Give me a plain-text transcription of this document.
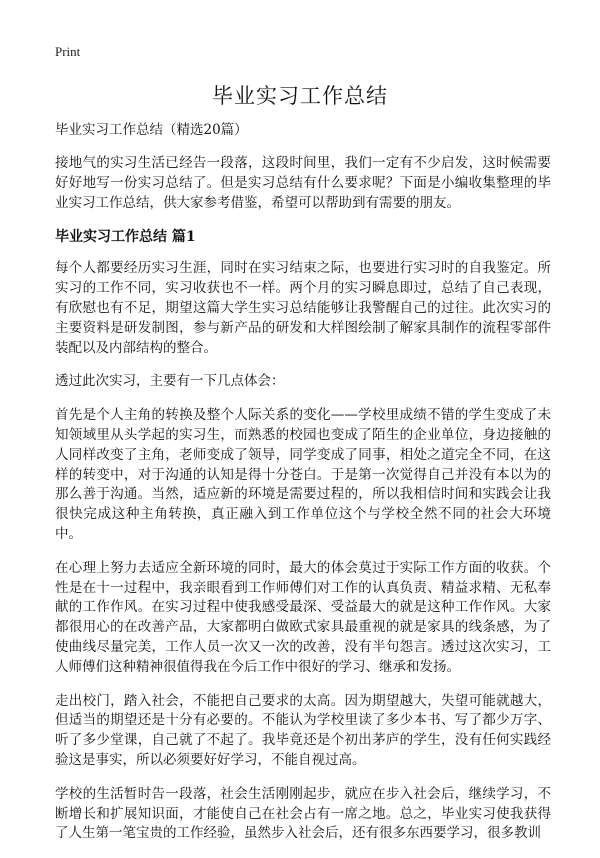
Print
毕业实习工作总结
毕业实习工作总结（精选20篇）

接地气的实习生活已经告一段落，这段时间里，我们一定有不少启发，这时候需要好好地写一份实习总结了。但是实习总结有什么要求呢？下面是小编收集整理的毕业实习工作总结，供大家参考借鉴，希望可以帮助到有需要的朋友。

毕业实习工作总结 篇1

每个人都要经历实习生涯，同时在实习结束之际，也要进行实习时的自我鉴定。所实习的工作不同，实习收获也不一样。两个月的实习瞬息即过，总结了自己表现，有欣慰也有不足，期望这篇大学生实习总结能够让我警醒自己的过往。此次实习的主要资料是研发制图，参与新产品的研发和大样图绘制了解家具制作的流程零部件装配以及内部结构的整合。

透过此次实习，主要有一下几点体会：

首先是个人主角的转换及整个人际关系的变化——学校里成绩不错的学生变成了未知领域里从头学起的实习生，而熟悉的校园也变成了陌生的企业单位，身边接触的人同样改变了主角，老师变成了领导，同学变成了同事，相处之道完全不同，在这样的转变中，对于沟通的认知是得十分苍白。于是第一次觉得自己并没有本以为的那么善于沟通。当然，适应新的环境是需要过程的，所以我相信时间和实践会让我很快完成这种主角转换，真正融入到工作单位这个与学校全然不同的社会大环境中。

在心理上努力去适应全新环境的同时，最大的体会莫过于实际工作方面的收获。个性是在十一过程中，我亲眼看到工作师傅们对工作的认真负责、精益求精、无私奉献的工作作风。在实习过程中使我感受最深、受益最大的就是这种工作作风。大家都很用心的在改善产品，大家都明白做欧式家具最重视的就是家具的线条感，为了使曲线尽量完美，工作人员一次又一次的改善，没有半句怨言。透过这次实习，工人师傅们这种精神很值得我在今后工作中很好的学习、继承和发扬。

走出校门，踏入社会，不能把自己要求的太高。因为期望越大，失望可能就越大，但适当的期望还是十分有必要的。不能认为学校里读了多少本书、写了都少万字、听了多少堂课，自己就了不起了。我毕竟还是个初出茅庐的学生，没有任何实践经验这是事实，所以必须要好好学习，不能自视过高。

学校的生活暂时告一段落，社会生活刚刚起步，就应在步入社会后，继续学习，不断增长和扩展知识面，才能使自己在社会占有一席之地。总之，毕业实习使我获得了人生第一笔宝贵的工作经验，虽然步入社会后，还有很多东西要学习，很多教训
